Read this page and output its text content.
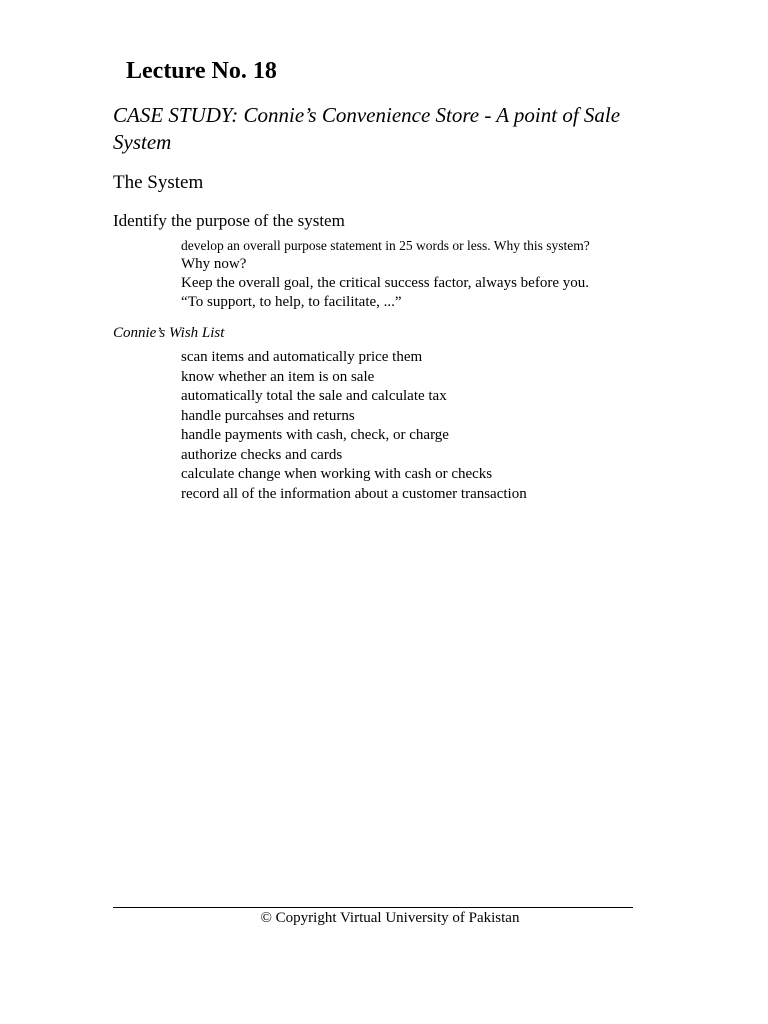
Lecture No. 18
CASE STUDY: Connie’s Convenience Store - A point of Sale System
The System
Identify the purpose of the system
develop an overall purpose statement in 25 words or less. Why this system?
Why now?
Keep the overall goal, the critical success factor, always before you.
“To support, to help, to facilitate, ...”
Connie’s Wish List
scan items and automatically price them
know whether an item is on sale
automatically total the sale and calculate tax
handle purcahses and returns
handle payments with cash, check, or charge
authorize checks and cards
calculate change when working with cash or checks
record all of the information about a customer transaction
© Copyright Virtual University of Pakistan
